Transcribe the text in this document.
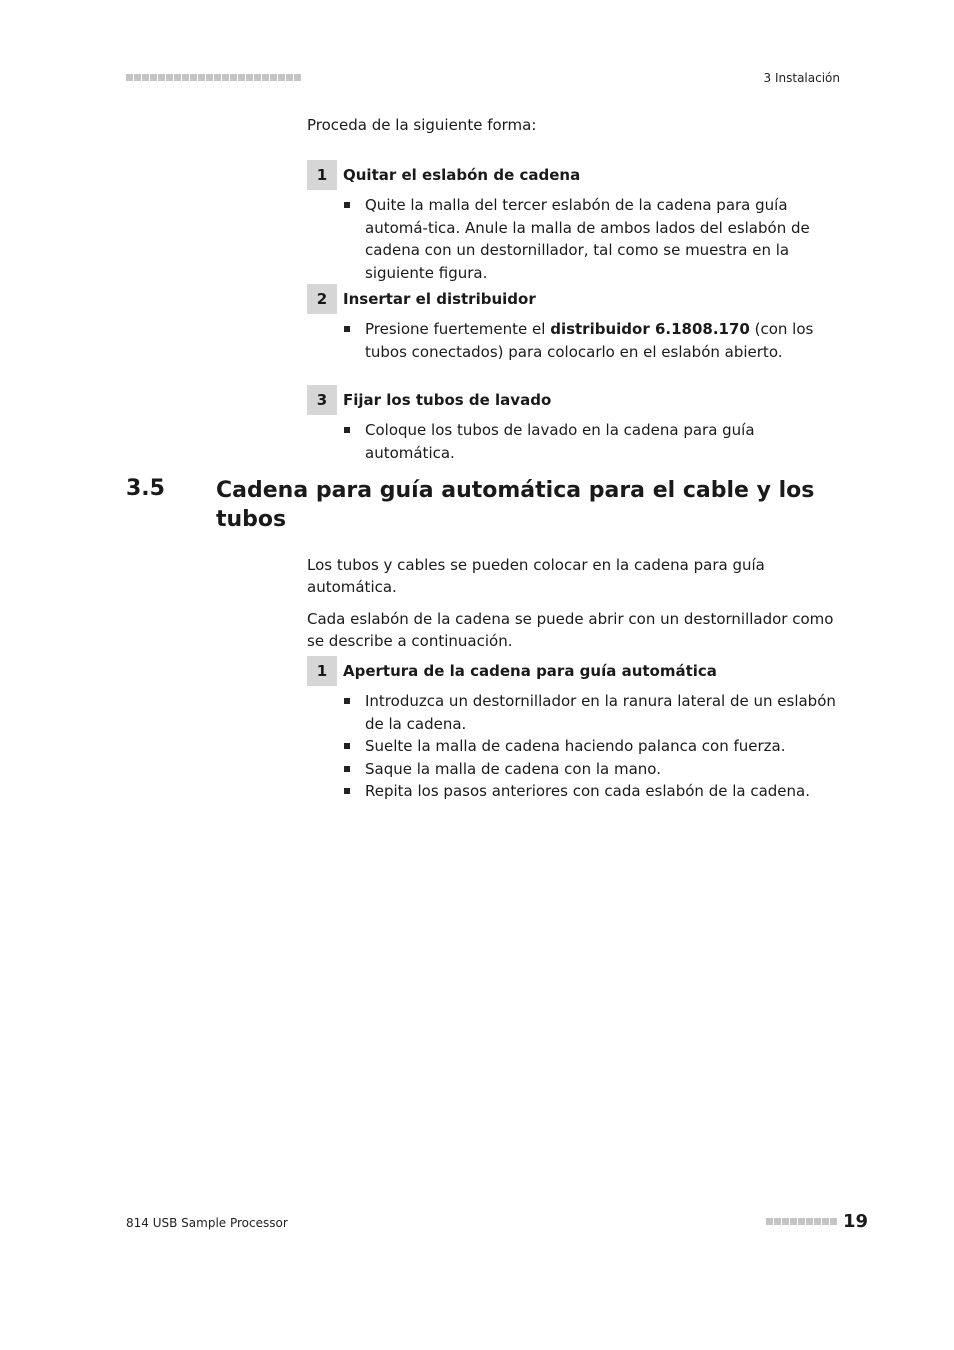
3 Instalación

Proceda de la siguiente forma:

1	Quitar el eslabón de cadena
Quite la malla del tercer eslabón de la cadena para guía automá-tica. Anule la malla de ambos lados del eslabón de cadena con un destornillador, tal como se muestra en la siguiente figura.
2	Insertar el distribuidor
Presione fuertemente el distribuidor 6.1808.170 (con los tubos conectados) para colocarlo en el eslabón abierto.
3	Fijar los tubos de lavado
Coloque los tubos de lavado en la cadena para guía automática.
3.5 Cadena para guía automática para el cable y los tubos

Los tubos y cables se pueden colocar en la cadena para guía automática.

Cada eslabón de la cadena se puede abrir con un destornillador como se describe a continuación.

1	Apertura de la cadena para guía automática
Introduzca un destornillador en la ranura lateral de un eslabón de la cadena.
Suelte la malla de cadena haciendo palanca con fuerza.
Saque la malla de cadena con la mano.
Repita los pasos anteriores con cada eslabón de la cadena.
814 USB Sample Processor	19
